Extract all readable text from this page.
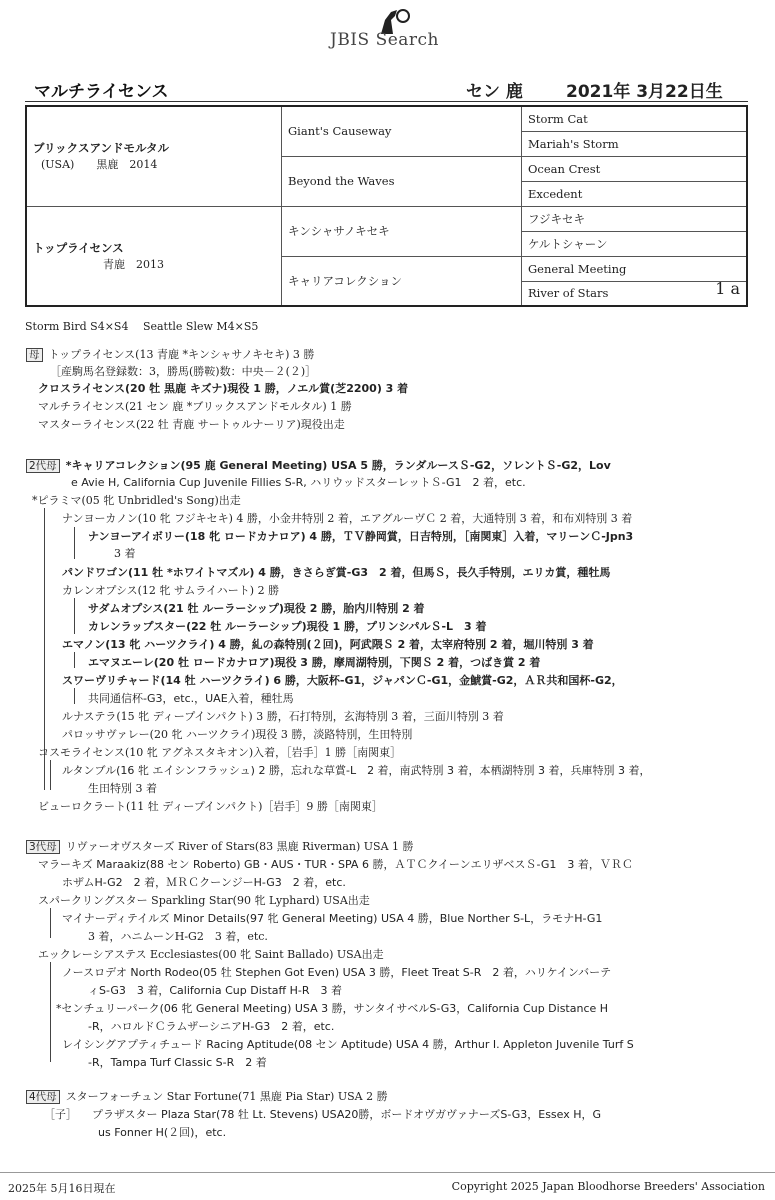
JBIS Search
マルチライセンス	セン 鹿	2021年 3月22日生
ブリックスアンドモルタル
(USA)　　黒鹿　2014	Giant's Causeway	Storm Cat
		Mariah's Storm
	Beyond the Waves	Ocean Crest
		Excedent

トップライセンス
青鹿　2013	キンシャサノキセキ	フジキセキ
		ケルトシャーン
	キャリアコレクション	General Meeting
		River of Stars 1 a
Storm Bird S4×S4　 Seattle Slew M4×S5
母 トップライセンス(13 青鹿 *キンシャサノキセキ) 3 勝
［産駒馬名登録数：3，勝馬(勝鞍)数：中央－２(２)］
クロスライセンス(20 牡 黒鹿 キズナ)現役 1 勝，ノエル賞(芝2200) 3 着
マルチライセンス(21 セン 鹿 *ブリックスアンドモルタル) 1 勝
マスターライセンス(22 牡 青鹿 サートゥルナーリア)現役出走
2代母 *キャリアコレクション(95 鹿 General Meeting) USA 5 勝，ランダルースＳ-G2，ソレントＳ-G2，Lov
e Avie H, California Cup Juvenile Fillies S-R, ハリウッドスターレットＳ-G1　2 着，etc.
*ピラミマ(05 牝 Unbridled's Song)出走
ナンヨーカノン(10 牝 フジキセキ) 4 勝，小金井特別 2 着，エアグルーヴＣ 2 着，大通特別 3 着，和布刈特別 3 着
ナンヨーアイボリー(18 牝 ロードカナロア) 4 勝，ＴＶ静岡賞，日吉特別，［南関東］入着，マリーンＣ-Jpn3
3 着
パンドワゴン(11 牡 *ホワイトマズル) 4 勝，きさらぎ賞-G3　2 着，但馬Ｓ，長久手特別，エリカ賞，種牡馬
カレンオプシス(12 牝 サムライハート) 2 勝
サダムオプシス(21 牡 ルーラーシップ)現役 2 勝，胎内川特別 2 着
カレンラップスター(22 牡 ルーラーシップ)現役 1 勝，プリンシパルＳ-L　3 着
エマノン(13 牝 ハーツクライ) 4 勝，糺の森特別(２回)，阿武隈Ｓ 2 着，太宰府特別 2 着，堀川特別 3 着
エマヌエーレ(20 牡 ロードカナロア)現役 3 勝，摩周湖特別，下関Ｓ 2 着，つばき賞 2 着
スワーヴリチャード(14 牡 ハーツクライ) 6 勝，大阪杯-G1，ジャパンＣ-G1，金鯱賞-G2，ＡＲ共和国杯-G2，
共同通信杯-G3，etc.，UAE入着，種牡馬
ルナステラ(15 牝 ディープインパクト) 3 勝，石打特別，玄海特別 3 着，三面川特別 3 着
パロッサヴァレー(20 牝 ハーツクライ)現役 3 勝，淡路特別，生田特別
コスモライセンス(10 牝 アグネスタキオン)入着，［岩手］1 勝［南関東］
ルタンブル(16 牝 エイシンフラッシュ) 2 勝，忘れな草賞-L　2 着，南武特別 3 着，本栖湖特別 3 着，兵庫特別 3 着，
生田特別 3 着
ビューロクラート(11 牡 ディープインパクト)［岩手］9 勝［南関東］
3代母 リヴァーオヴスターズ River of Stars(83 黒鹿 Riverman) USA 1 勝
マラーキズ Maraakiz(88 セン Roberto) GB・AUS・TUR・SPA 6 勝，ＡＴＣクイーンエリザベスＳ-G1　3 着，ＶＲＣ
ホザムH-G2　2 着，ＭＲＣクーンジーH-G3　2 着，etc.
スパークリングスター Sparkling Star(90 牝 Lyphard) USA出走
マイナーディテイルズ Minor Details(97 牝 General Meeting) USA 4 勝，Blue Norther S-L，ラモナH-G1
3 着，ハニムーンH-G2　3 着，etc.
エックレーシアステス Ecclesiastes(00 牝 Saint Ballado) USA出走
ノースロデオ North Rodeo(05 牡 Stephen Got Even) USA 3 勝，Fleet Treat S-R　2 着，ハリケインバーテ
ィS-G3　3 着，California Cup Distaff H-R　3 着
*センチュリーパーク(06 牝 General Meeting) USA 3 勝，サンタイサベルS-G3，California Cup Distance H
-R，ハロルドＣラムザーシニアH-G3　2 着，etc.
レイシングアプティチュード Racing Aptitude(08 セン Aptitude) USA 4 勝，Arthur I. Appleton Juvenile Turf S
-R，Tampa Turf Classic S-R　2 着
4代母 スターフォーチュン Star Fortune(71 黒鹿 Pia Star) USA 2 勝
［子］ プラザスター Plaza Star(78 牡 Lt. Stevens) USA20勝，ボードオヴガヴァナーズS-G3，Essex H，G
us Fonner H(２回)，etc.
2025年 5月16日現在	Copyright 2025 Japan Bloodhorse Breeders' Association
